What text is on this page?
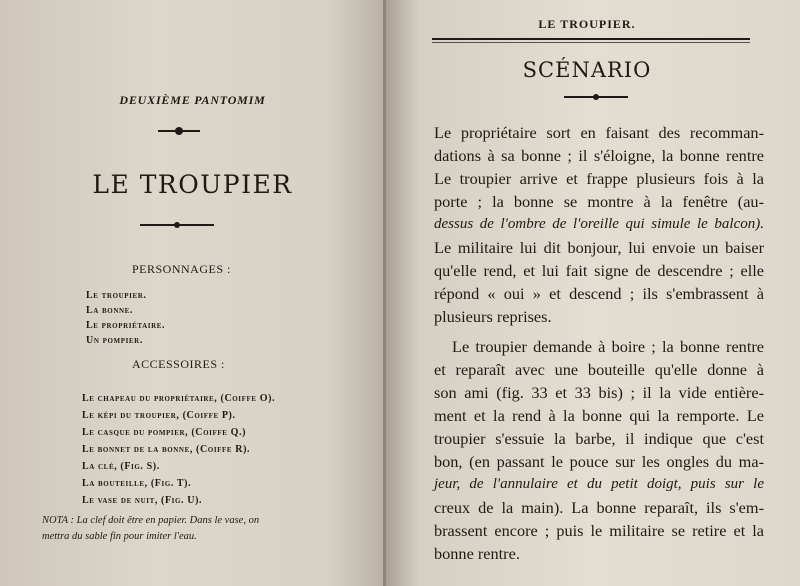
DEUXIÈME PANTOMIM
LE TROUPIER
PERSONNAGES :
Le troupier.
La bonne.
Le propriétaire.
Un pompier.
ACCESSOIRES :
Le chapeau du propriétaire, (Coiffe O).
Le képi du troupier, (Coiffe P).
Le casque du pompier, (Coiffe Q.)
Le bonnet de la bonne, (Coiffe R).
La clé, (Fig. S).
La bouteille, (Fig. T).
Le vase de nuit, (Fig. U).
NOTA : La clef doit être en papier. Dans le vase, on
mettra du sable fin pour imiter l'eau.
LE TROUPIER.
SCÉNARIO
Le propriétaire sort en faisant des recomman-
dations à sa bonne ; il s'éloigne, la bonne rentre
Le troupier arrive et frappe plusieurs fois à la
porte ; la bonne se montre à la fenêtre (au-
dessus de l'ombre de l'oreille qui simule le balcon).
Le militaire lui dit bonjour, lui envoie un baiser
qu'elle rend, et lui fait signe de descendre ; elle
répond « oui » et descend ; ils s'embrassent à
plusieurs reprises.
Le troupier demande à boire ; la bonne rentre
et reparaît avec une bouteille qu'elle donne à
son ami (fig. 33 et 33 bis) ; il la vide entière-
ment et la rend à la bonne qui la remporte. Le
troupier s'essuie la barbe, il indique que c'est
bon, (en passant le pouce sur les ongles du ma-
jeur, de l'annulaire et du petit doigt, puis sur le
creux de la main). La bonne reparaît, ils s'em-
brassent encore ; puis le militaire se retire et la
bonne rentre.
